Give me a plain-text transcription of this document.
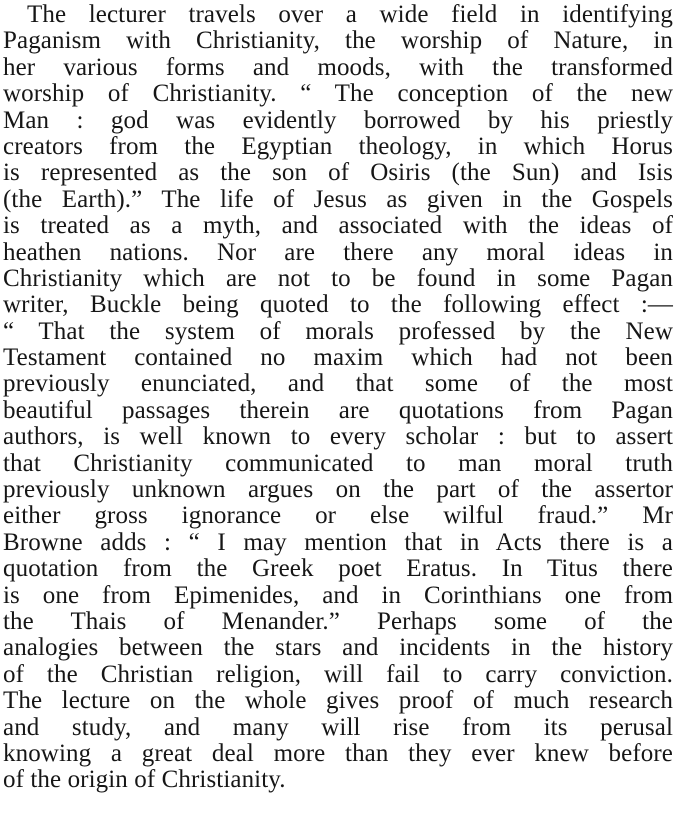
The lecturer travels over a wide field in identifying
Paganism with Christianity, the worship of Nature, in
her various forms and moods, with the transformed
worship of Christianity. “ The conception of the new
Man : god was evidently borrowed by his priestly
creators from the Egyptian theology, in which Horus
is represented as the son of Osiris (the Sun) and Isis
(the Earth).” The life of Jesus as given in the Gospels
is treated as a myth, and associated with the ideas of
heathen nations. Nor are there any moral ideas in
Christianity which are not to be found in some Pagan
writer, Buckle being quoted to the following effect :—
“ That the system of morals professed by the New
Testament contained no maxim which had not been
previously enunciated, and that some of the most
beautiful passages therein are quotations from Pagan
authors, is well known to every scholar : but to assert
that Christianity communicated to man moral truth
previously unknown argues on the part of the assertor
either gross ignorance or else wilful fraud.” Mr
Browne adds : “ I may mention that in Acts there is a
quotation from the Greek poet Eratus. In Titus there
is one from Epimenides, and in Corinthians one from
the Thais of Menander.” Perhaps some of the
analogies between the stars and incidents in the history
of the Christian religion, will fail to carry conviction.
The lecture on the whole gives proof of much research
and study, and many will rise from its perusal
knowing a great deal more than they ever knew before
of the origin of Christianity.
